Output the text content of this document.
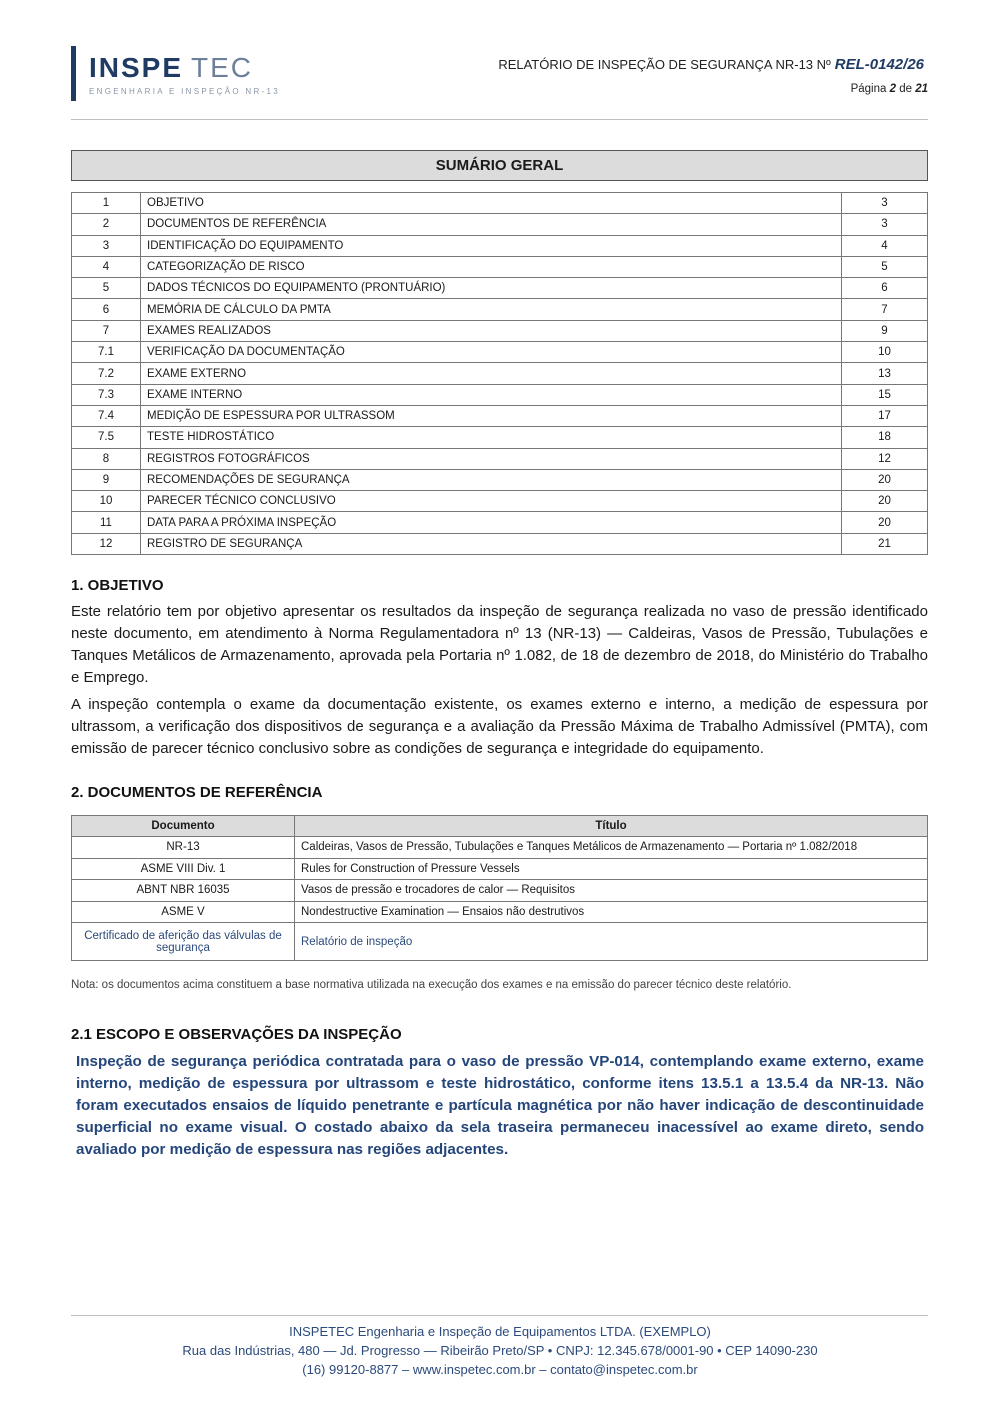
INSPE TEC
ENGENHARIA E INSPEÇÃO NR-13
RELATÓRIO DE INSPEÇÃO DE SEGURANÇA NR-13 Nº REL-0142/26
Página 2 de 21
SUMÁRIO GERAL
1	OBJETIVO	3
2	DOCUMENTOS DE REFERÊNCIA	3
3	IDENTIFICAÇÃO DO EQUIPAMENTO	4
4	CATEGORIZAÇÃO DE RISCO	5
5	DADOS TÉCNICOS DO EQUIPAMENTO (PRONTUÁRIO)	6
6	MEMÓRIA DE CÁLCULO DA PMTA	7
7	EXAMES REALIZADOS	9
7.1	VERIFICAÇÃO DA DOCUMENTAÇÃO	10
7.2	EXAME EXTERNO	13
7.3	EXAME INTERNO	15
7.4	MEDIÇÃO DE ESPESSURA POR ULTRASSOM	17
7.5	TESTE HIDROSTÁTICO	18
8	REGISTROS FOTOGRÁFICOS	12
9	RECOMENDAÇÕES DE SEGURANÇA	20
10	PARECER TÉCNICO CONCLUSIVO	20
11	DATA PARA A PRÓXIMA INSPEÇÃO	20
12	REGISTRO DE SEGURANÇA	21
1. OBJETIVO
Este relatório tem por objetivo apresentar os resultados da inspeção de segurança realizada no vaso de pressão identificado neste documento, em atendimento à Norma Regulamentadora nº 13 (NR-13) — Caldeiras, Vasos de Pressão, Tubulações e Tanques Metálicos de Armazenamento, aprovada pela Portaria nº 1.082, de 18 de dezembro de 2018, do Ministério do Trabalho e Emprego.
A inspeção contempla o exame da documentação existente, os exames externo e interno, a medição de espessura por ultrassom, a verificação dos dispositivos de segurança e a avaliação da Pressão Máxima de Trabalho Admissível (PMTA), com emissão de parecer técnico conclusivo sobre as condições de segurança e integridade do equipamento.
2. DOCUMENTOS DE REFERÊNCIA
Documento	Título
NR-13	Caldeiras, Vasos de Pressão, Tubulações e Tanques Metálicos de Armazenamento — Portaria nº 1.082/2018
ASME VIII Div. 1	Rules for Construction of Pressure Vessels
ABNT NBR 16035	Vasos de pressão e trocadores de calor — Requisitos
ASME V	Nondestructive Examination — Ensaios não destrutivos
Certificado de aferição das válvulas de segurança	Relatório de inspeção
Nota: os documentos acima constituem a base normativa utilizada na execução dos exames e na emissão do parecer técnico deste relatório.
2.1 ESCOPO E OBSERVAÇÕES DA INSPEÇÃO
Inspeção de segurança periódica contratada para o vaso de pressão VP-014, contemplando exame externo, exame interno, medição de espessura por ultrassom e teste hidrostático, conforme itens 13.5.1 a 13.5.4 da NR-13. Não foram executados ensaios de líquido penetrante e partícula magnética por não haver indicação de descontinuidade superficial no exame visual. O costado abaixo da sela traseira permaneceu inacessível ao exame direto, sendo avaliado por medição de espessura nas regiões adjacentes.
INSPETEC Engenharia e Inspeção de Equipamentos LTDA. (EXEMPLO)
Rua das Indústrias, 480 — Jd. Progresso — Ribeirão Preto/SP • CNPJ: 12.345.678/0001-90 • CEP 14090-230
(16) 99120-8877 – www.inspetec.com.br – contato@inspetec.com.br
